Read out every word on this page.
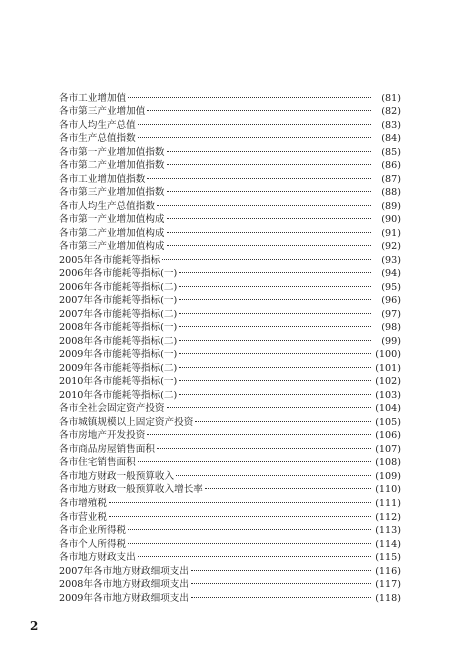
各市工业增加值	(81)
各市第三产业增加值	(82)
各市人均生产总值	(83)
各市生产总值指数	(84)
各市第一产业增加值指数	(85)
各市第二产业增加值指数	(86)
各市工业增加值指数	(87)
各市第三产业增加值指数	(88)
各市人均生产总值指数	(89)
各市第一产业增加值构成	(90)
各市第二产业增加值构成	(91)
各市第三产业增加值构成	(92)
2005年各市能耗等指标	(93)
2006年各市能耗等指标(一)	(94)
2006年各市能耗等指标(二)	(95)
2007年各市能耗等指标(一)	(96)
2007年各市能耗等指标(二)	(97)
2008年各市能耗等指标(一)	(98)
2008年各市能耗等指标(二)	(99)
2009年各市能耗等指标(一)	(100)
2009年各市能耗等指标(二)	(101)
2010年各市能耗等指标(一)	(102)
2010年各市能耗等指标(二)	(103)
各市全社会固定资产投资	(104)
各市城镇规模以上固定资产投资	(105)
各市房地产开发投资	(106)
各市商品房屋销售面积	(107)
各市住宅销售面积	(108)
各市地方财政一般预算收入	(109)
各市地方财政一般预算收入增长率	(110)
各市增殖税	(111)
各市营业税	(112)
各市企业所得税	(113)
各市个人所得税	(114)
各市地方财政支出	(115)
2007年各市地方财政细项支出	(116)
2008年各市地方财政细项支出	(117)
2009年各市地方财政细项支出	(118)
2
